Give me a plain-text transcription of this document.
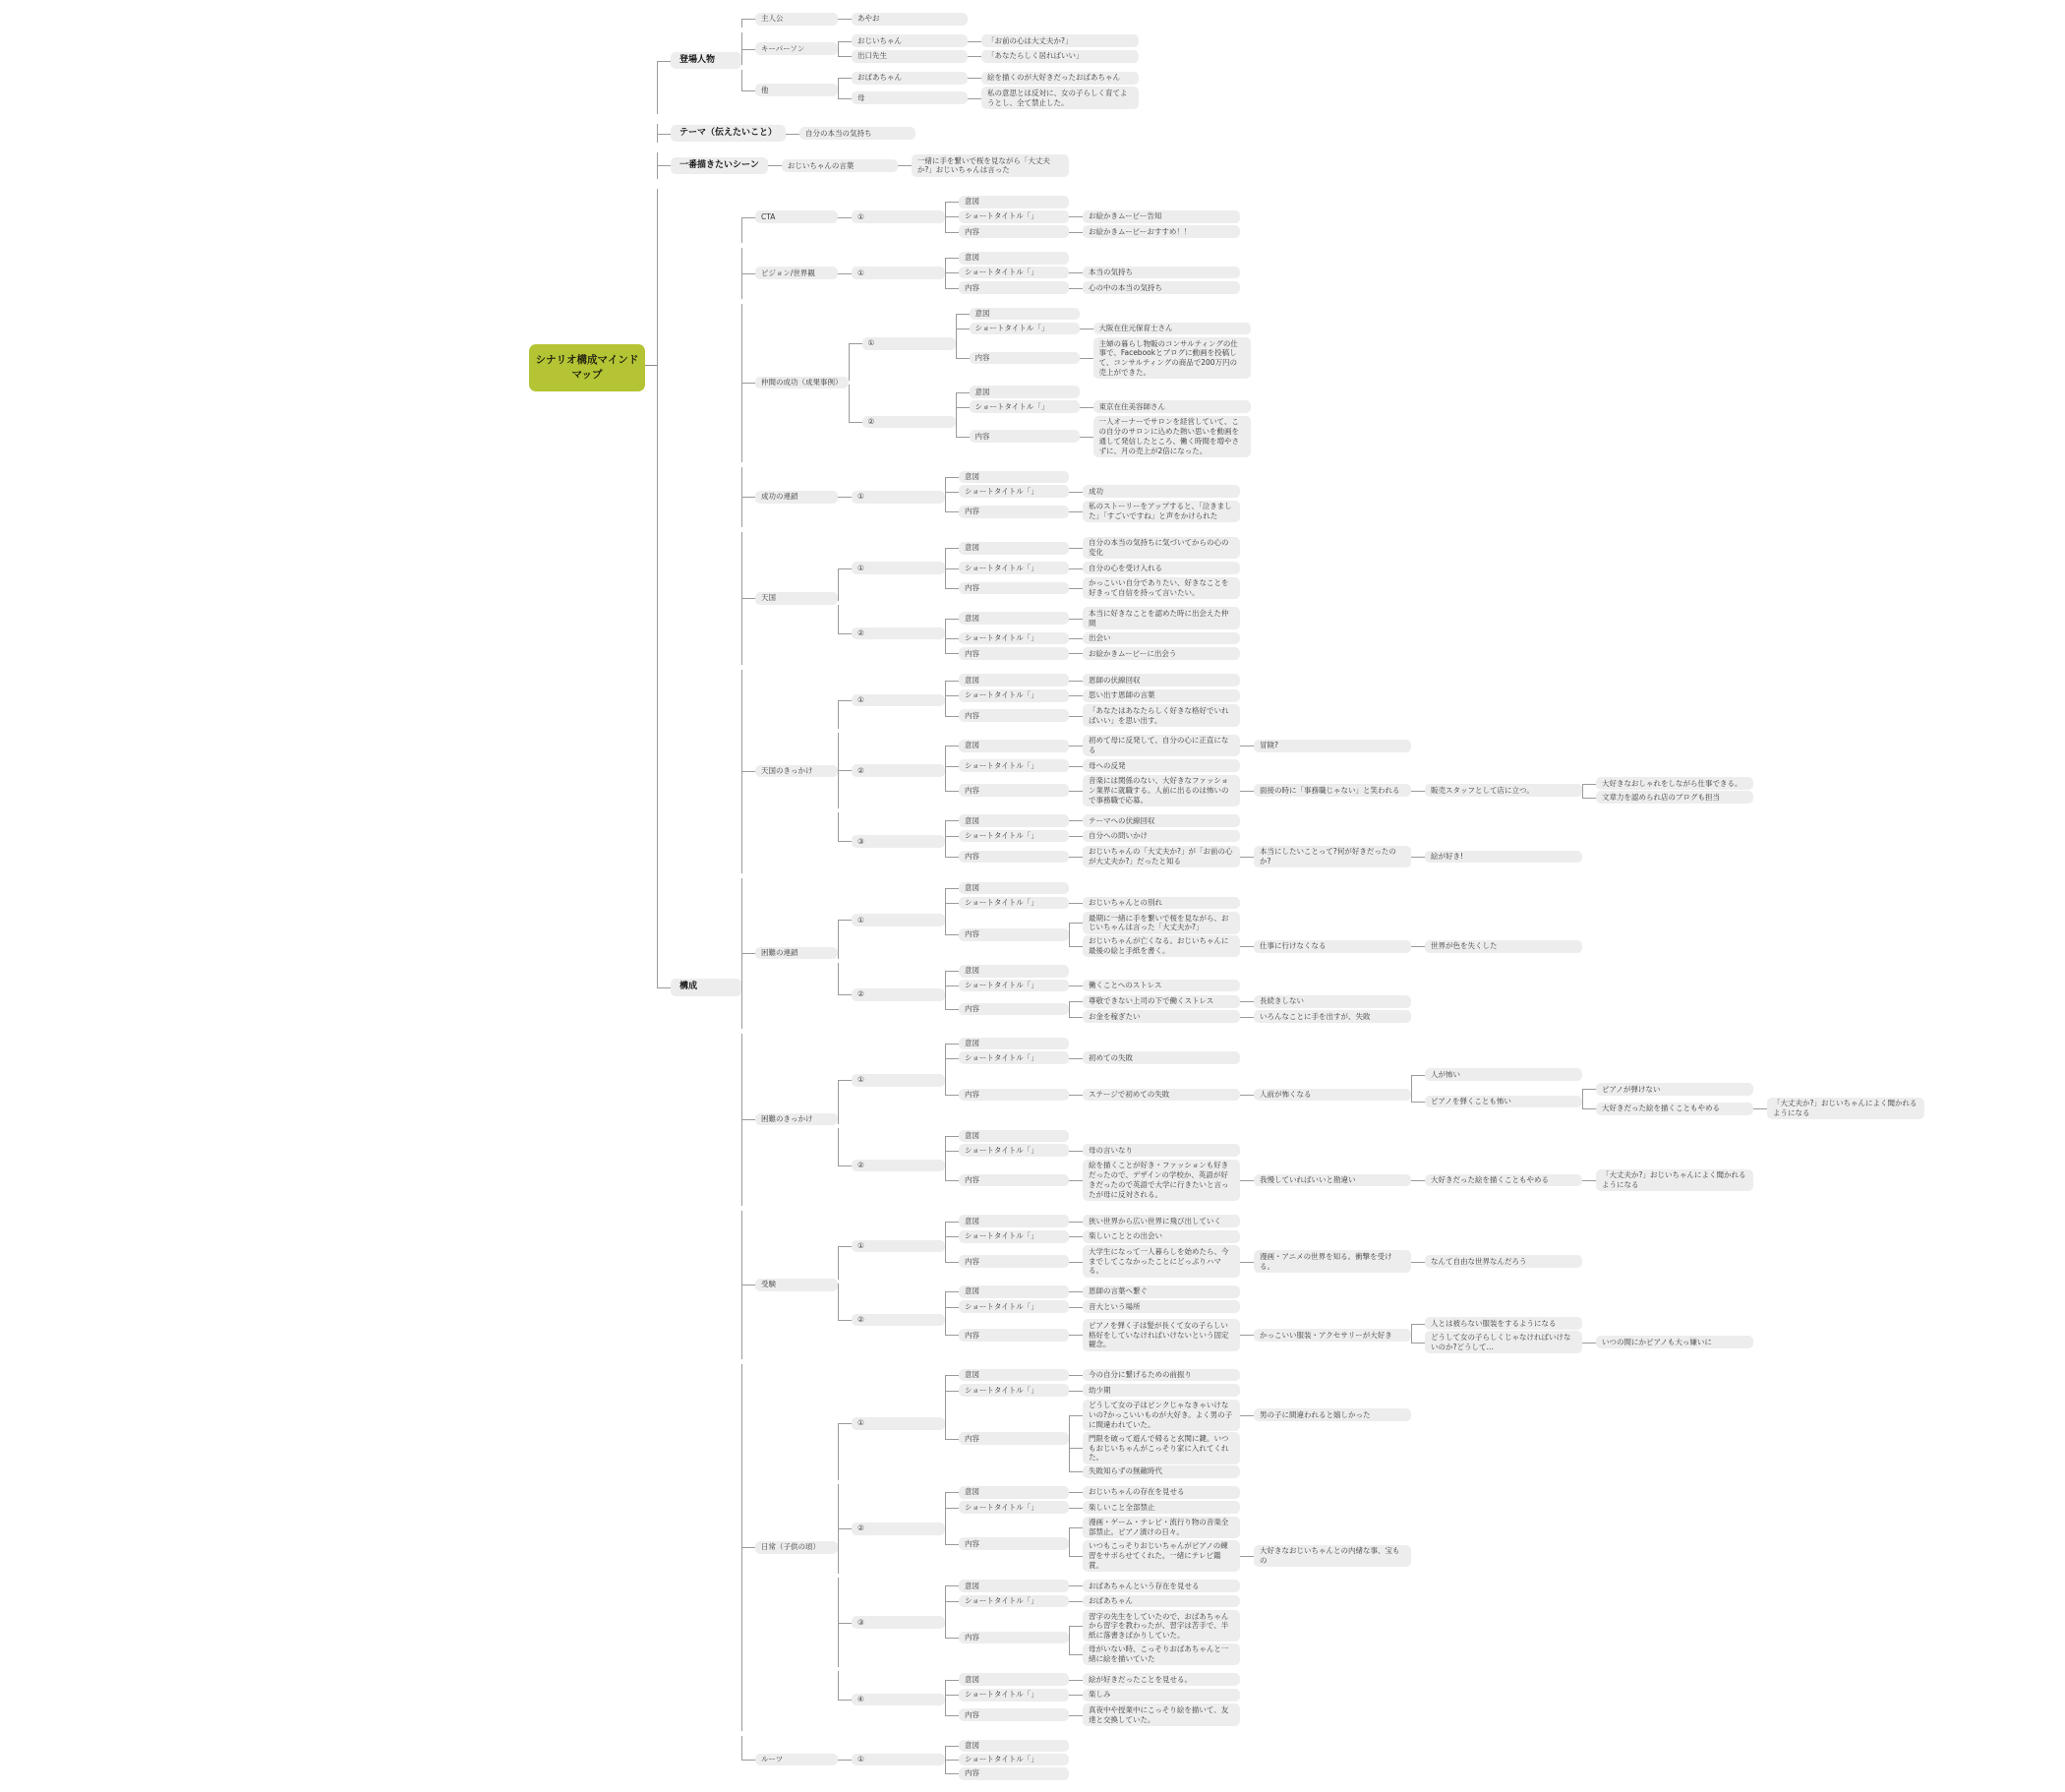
シナリオ構成マインドマップ
登場人物
主人公	あやお
キーパーソン
おじいちゃん	「お前の心は大丈夫か?」
出口先生	「あなたらしく居ればいい」
他
おばあちゃん	絵を描くのが大好きだったおばあちゃん
母
私の意思とは反対に、女の子らしく育てようとし、全て禁止した。
テーマ（伝えたいこと）	自分の本当の気持ち
一番描きたいシーン	おじいちゃんの言葉
一緒に手を繋いで桜を見ながら「大丈夫か?」おじいちゃんは言った
構成
CTA	①
意図
ショートタイトル「」	お絵かきムービー告知
内容	お絵かきムービーおすすめ！！
ビジョン/世界観	①
意図
ショートタイトル「」	本当の気持ち
内容	心の中の本当の気持ち
仲間の成功（成果事例）
①
意図
ショートタイトル「」	大阪在住元保育士さん
内容
主婦の暮らし物販のコンサルティングの仕事で、Facebookとブログに動画を投稿して、コンサルティングの商品で200万円の売上ができた。
②
意図
ショートタイトル「」	東京在住美容師さん
内容
一人オーナーでサロンを経営していて、この自分のサロンに込めた熱い思いを動画を通して発信したところ、働く時間を増やさずに、月の売上が2倍になった。
成功の連鎖	①
意図
ショートタイトル「」	成功
内容
私のストーリーをアップすると、「泣きました」「すごいですね」と声をかけられた
天国
①
意図
自分の本当の気持ちに気づいてからの心の変化
ショートタイトル「」	自分の心を受け入れる
内容
かっこいい自分でありたい、好きなことを好きって自信を持って言いたい。
②
意図
本当に好きなことを認めた時に出会えた仲間
ショートタイトル「」	出会い
内容	お絵かきムービーに出会う
天国のきっかけ
①
意図	恩師の伏線回収
ショートタイトル「」	思い出す恩師の言葉
内容
「あなたはあなたらしく好きな格好でいればいい」を思い出す。
②
意図
初めて母に反発して、自分の心に正直になる
冒険?
ショートタイトル「」	母への反発
内容
音楽には関係のない、大好きなファッション業界に就職する。人前に出るのは怖いので事務職で応募。
面接の時に「事務職じゃない」と笑われる	販売スタッフとして店に立つ。
大好きなおしゃれをしながら仕事できる。
文章力を認められ店のブログも担当
③
意図	テーマへの伏線回収
ショートタイトル「」	自分への問いかけ
内容
おじいちゃんの「大丈夫か?」が「お前の心が大丈夫か?」だったと知る
本当にしたいことって?何が好きだったのか?
絵が好き!
困難の連鎖
①
意図
ショートタイトル「」	おじいちゃんとの別れ
内容
最期に一緒に手を繋いで桜を見ながら、おじいちゃんは言った「大丈夫か?」
おじいちゃんが亡くなる。おじいちゃんに最後の絵と手紙を書く。
仕事に行けなくなる	世界が色を失くした
②
意図
ショートタイトル「」	働くことへのストレス
内容
尊敬できない上司の下で働くストレス	長続きしない
お金を稼ぎたい	いろんなことに手を出すが、失敗
困難のきっかけ
①
意図
ショートタイトル「」	初めての失敗
内容	ステージで初めての失敗	人前が怖くなる
人が怖い
ピアノを弾くことも怖い
ピアノが弾けない
大好きだった絵を描くこともやめる
「大丈夫か?」おじいちゃんによく聞かれるようになる
②
意図
ショートタイトル「」	母の言いなり
内容
絵を描くことが好き・ファッションも好きだったので、デザインの学校か、英語が好きだったので英語で大学に行きたいと言ったが母に反対される。
我慢していればいいと勘違い	大好きだった絵を描くこともやめる
「大丈夫か?」おじいちゃんによく聞かれるようになる
受験
①
意図	狭い世界から広い世界に飛び出していく
ショートタイトル「」	楽しいこととの出会い
内容
大学生になって一人暮らしを始めたら、今までしてこなかったことにどっぷりハマる。
漫画・アニメの世界を知る。衝撃を受ける。
なんて自由な世界なんだろう
②
意図	恩師の言葉へ繋ぐ
ショートタイトル「」	音大という場所
内容
ピアノを弾く子は髪が長くて女の子らしい格好をしていなければいけないという固定観念。
かっこいい服装・アクセサリーが大好き
人とは被らない服装をするようになる
どうして女の子らしくじゃなければいけないのか?どうして…
いつの間にかピアノも大っ嫌いに
日常（子供の頃）
①
意図	今の自分に繋げるための前振り
ショートタイトル「」	幼少期
内容
どうして女の子はピンクじゃなきゃいけないの?かっこいいものが大好き。よく男の子に間違われていた。
男の子に間違われると嬉しかった
門限を破って遊んで帰ると玄関に鍵。いつもおじいちゃんがこっそり家に入れてくれた。
失敗知らずの無敵時代
②
意図	おじいちゃんの存在を見せる
ショートタイトル「」	楽しいこと全部禁止
内容
漫画・ゲーム・テレビ・流行り物の音楽全部禁止。ピアノ漬けの日々。
いつもこっそりおじいちゃんがピアノの練習をサボらせてくれた。一緒にテレビ鑑賞。
大好きなおじいちゃんとの内緒な事、宝もの
③
意図	おばあちゃんという存在を見せる
ショートタイトル「」	おばあちゃん
内容
習字の先生をしていたので、おばあちゃんから習字を教わったが、習字は苦手で、半紙に落書きばかりしていた。
母がいない時、こっそりおばあちゃんと一緒に絵を描いていた
④
意図	絵が好きだったことを見せる。
ショートタイトル「」	楽しみ
内容
真夜中や授業中にこっそり絵を描いて、友達と交換していた。
ルーツ	①
意図
ショートタイトル「」
内容
